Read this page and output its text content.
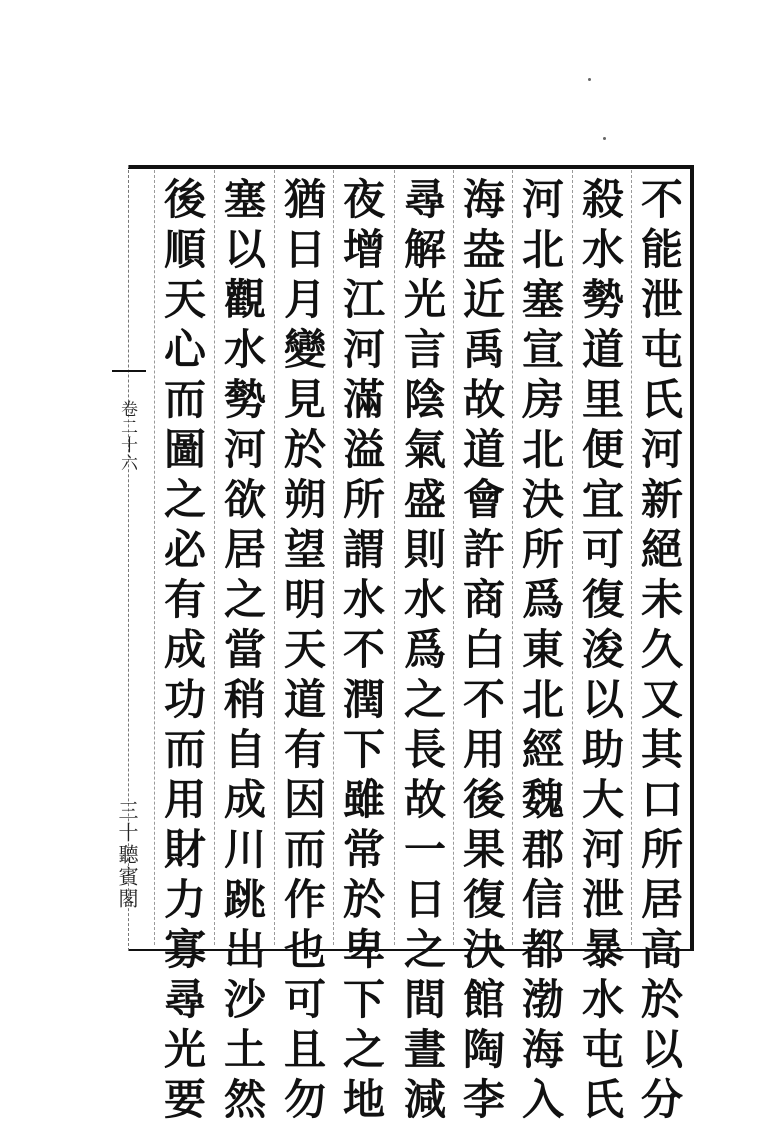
不
能
泄
屯
氏
河
新
絕
未
久
又
其
口
所
居
高
於
以
分
殺
水
勢
道
里
便
宜
可
復
浚
以
助
大
河
泄
暴
水
屯
氏
河
北
塞
宣
房
北
決
所
爲
東
北
經
魏
郡
信
都
渤
海
入
海
盎
近
禹
故
道
會
許
商
白
不
用
後
果
復
決
館
陶
李
尋
解
光
言
陰
氣
盛
則
水
爲
之
長
故
一
日
之
間
晝
減
夜
增
江
河
滿
溢
所
謂
水
不
潤
下
雖
常
於
卑
下
之
地
猶
日
月
變
見
於
朔
望
明
天
道
有
因
而
作
也
可
且
勿
塞
以
觀
水
勢
河
欲
居
之
當
稍
自
成
川
跳
出
沙
土
然
後
順
天
心
而
圖
之
必
有
成
功
而
用
財
力
寡
尋
光
要
卷二十六
三十聽賓閣
